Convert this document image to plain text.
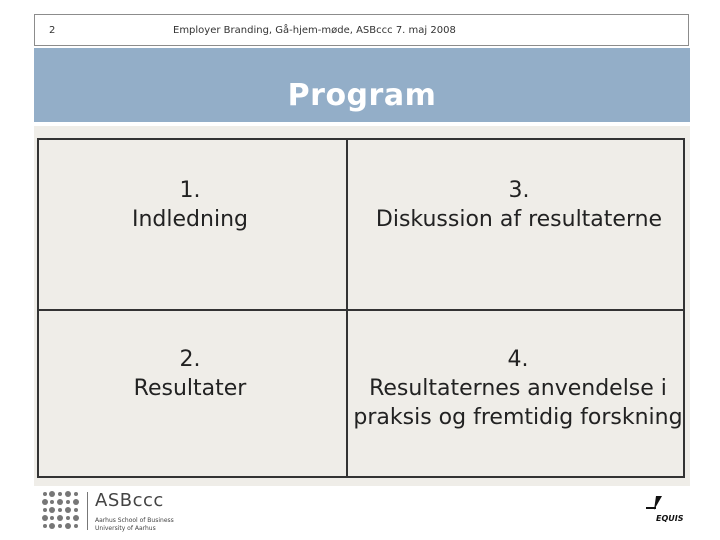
2	Employer Branding, Gå-hjem-møde, ASBccc 7. maj 2008
Program
1.
Indledning
3.
Diskussion af resultaterne
2.
Resultater
4.
Resultaternes anvendelse i praksis og fremtidig forskning
ASBccc
Aarhus School of Business
University of Aarhus
EQUIS
